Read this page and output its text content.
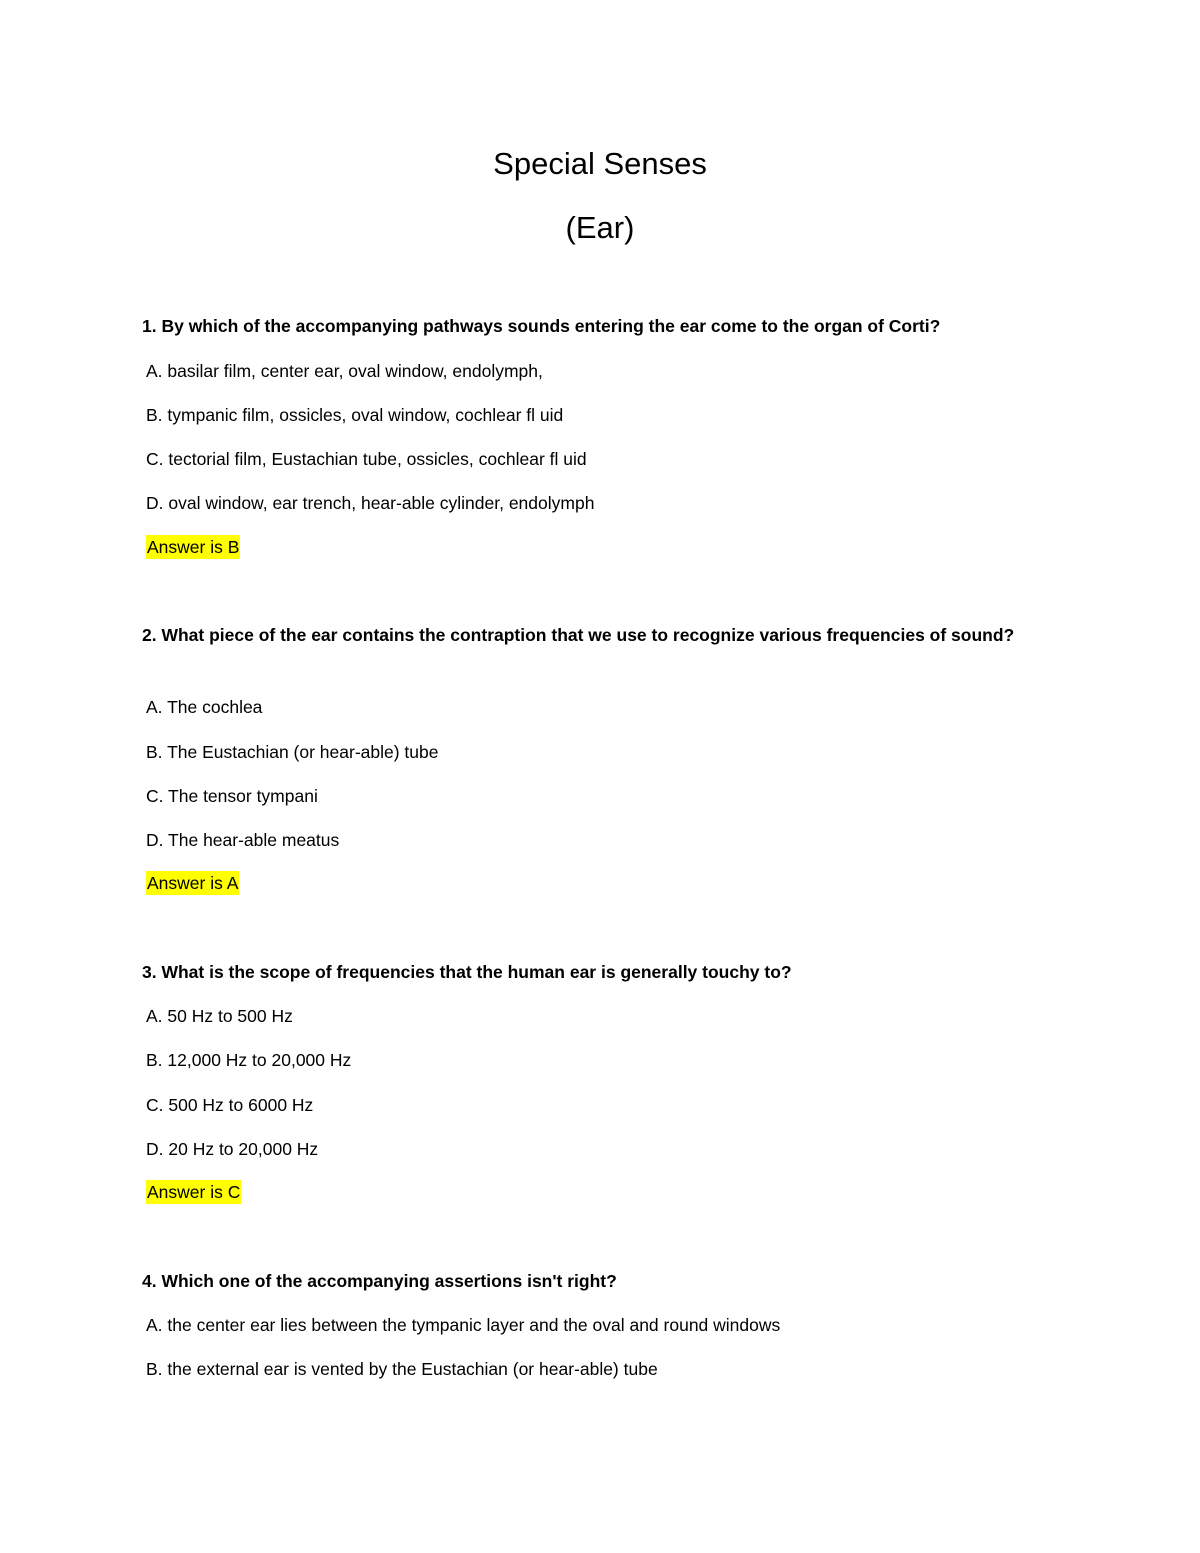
Special Senses
(Ear)

1. By which of the accompanying pathways sounds entering the ear come to the organ of Corti?

A. basilar film, center ear, oval window, endolymph,

B. tympanic film, ossicles, oval window, cochlear fl uid

C. tectorial film, Eustachian tube, ossicles, cochlear fl uid

D. oval window, ear trench, hear-able cylinder, endolymph

Answer is B

2. What piece of the ear contains the contraption that we use to recognize various frequencies of sound?

A. The cochlea

B. The Eustachian (or hear-able) tube

C. The tensor tympani

D. The hear-able meatus

Answer is A

3. What is the scope of frequencies that the human ear is generally touchy to?

A. 50 Hz to 500 Hz

B. 12,000 Hz to 20,000 Hz

C. 500 Hz to 6000 Hz

D. 20 Hz to 20,000 Hz

Answer is C

4. Which one of the accompanying assertions isn't right?

A. the center ear lies between the tympanic layer and the oval and round windows

B. the external ear is vented by the Eustachian (or hear-able) tube
